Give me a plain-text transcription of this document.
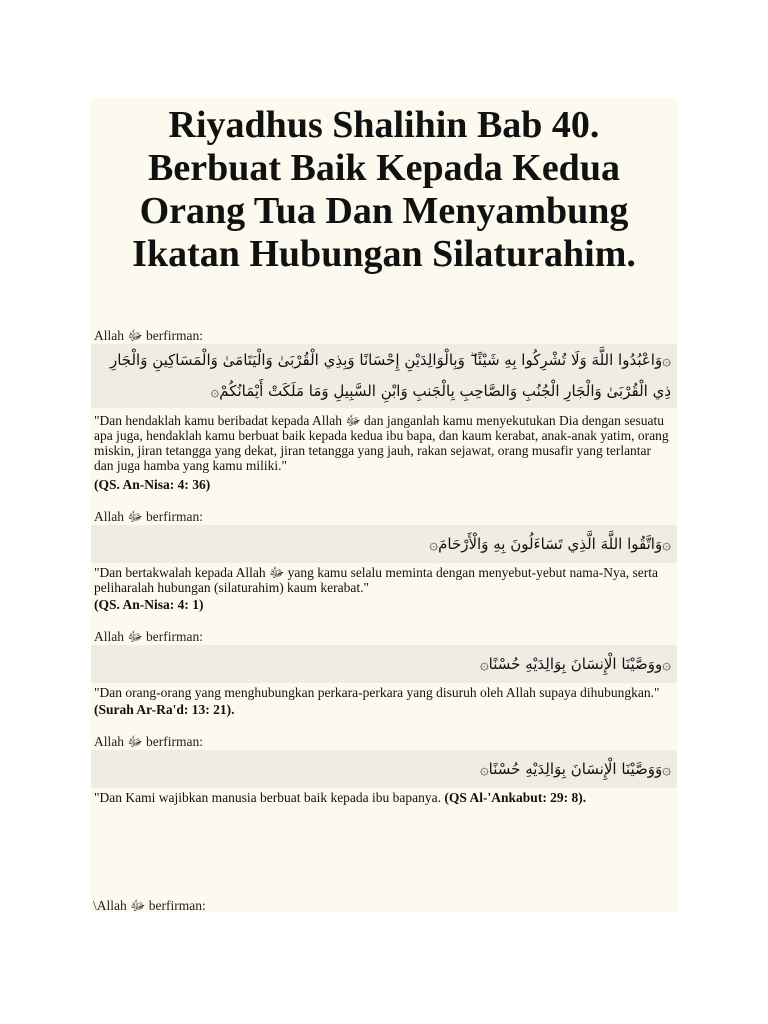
Riyadhus Shalihin Bab 40.
Berbuat Baik Kepada Kedua
Orang Tua Dan Menyambung
Ikatan Hubungan Silaturahim.
Allah ﷻ berfirman:
۞وَاعْبُدُوا اللَّهَ وَلَا تُشْرِكُوا بِهِ شَيْئًا ۖ وَبِالْوَالِدَيْنِ إِحْسَانًا وَبِذِي الْقُرْبَىٰ وَالْيَتَامَىٰ وَالْمَسَاكِينِ وَالْجَارِ ذِي الْقُرْبَىٰ وَالْجَارِ الْجُنُبِ وَالصَّاحِبِ بِالْجَنبِ وَابْنِ السَّبِيلِ وَمَا مَلَكَتْ أَيْمَانُكُمْ۞
"Dan hendaklah kamu beribadat kepada Allah ﷻ dan janganlah kamu menyekutukan Dia dengan sesuatu apa juga, hendaklah kamu berbuat baik kepada kedua ibu bapa, dan kaum kerabat, anak-anak yatim, orang miskin, jiran tetangga yang dekat, jiran tetangga yang jauh, rakan sejawat, orang musafir yang terlantar dan juga hamba yang kamu miliki."
(QS. An-Nisa: 4: 36)
Allah ﷻ berfirman:
۞وَاتَّقُوا اللَّهَ الَّذِي تَسَاءَلُونَ بِهِ وَالْأَرْحَامَ۞
"Dan bertakwalah kepada Allah ﷻ yang kamu selalu meminta dengan menyebut-yebut nama-Nya, serta peliharalah hubungan (silaturahim) kaum kerabat."
(QS. An-Nisa: 4: 1)
Allah ﷻ berfirman:
۞ووَصَّيْنَا الْإِنسَانَ بِوَالِدَيْهِ حُسْنًا۞
"Dan orang-orang yang menghubungkan perkara-perkara yang disuruh oleh Allah supaya dihubungkan."
(Surah Ar-Ra'd: 13: 21).
Allah ﷻ berfirman:
۞وَوَصَّيْنَا الْإِنسَانَ بِوَالِدَيْهِ حُسْنًا۞
"Dan Kami wajibkan manusia berbuat baik kepada ibu bapanya. (QS Al-'Ankabut: 29: 8).
\Allah ﷻ berfirman:
